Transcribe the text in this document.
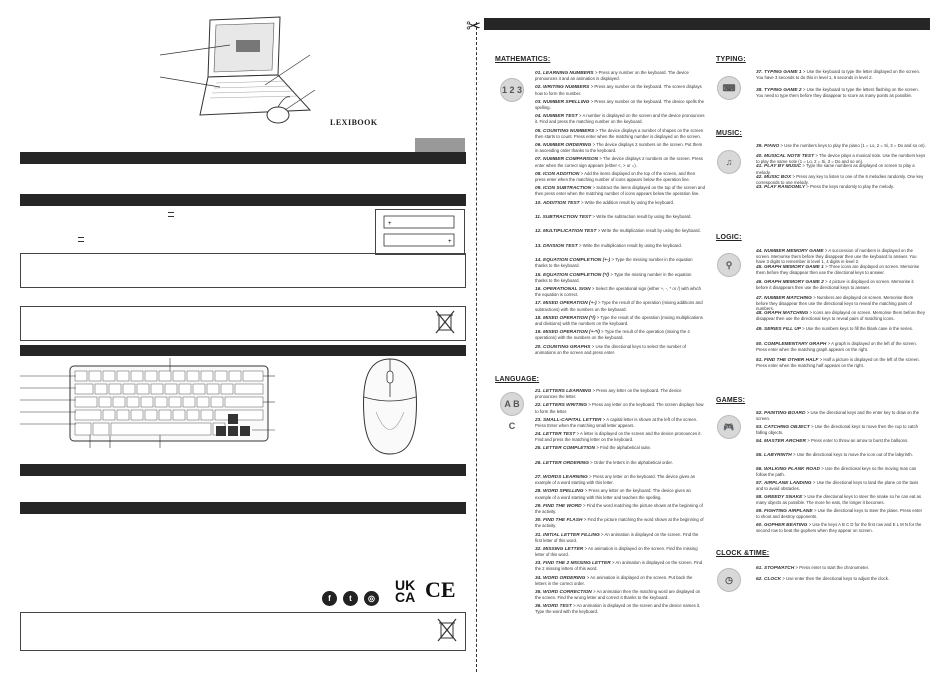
LEXIBOOK
+
+
f	t	◎
UK
CA CE
✂
MATHEMATICS:
1 2 3
01. LEARNING NUMBERS > Press any number on the keyboard. The device pronounces it and an animation is displayed.
02. WRITING NUMBERS > Press any number on the keyboard. The screen displays how to form the number.
03. NUMBER SPELLING > Press any number on the keyboard. The device spells the spelling.
04. NUMBER TEST > A number is displayed on the screen and the device pronounces it. Find and press the matching number on the keyboard.
05. COUNTING NUMBERS > The device displays a number of shapes on the screen then starts to count. Press enter when the matching number is displayed on the screen.
06. NUMBER ORDERING > The device displays 2 numbers on the screen. Put them in ascending order thanks to the keyboard.
07. NUMBER COMPARISON > The device displays 2 numbers on the screen. Press enter when the correct sign appears (either <, > or =).
08. ICON ADDITION > Add the items displayed on the top of the screen, and then press enter when the matching number of icons appears below the operation line.
09. ICON SUBTRACTION > Subtract the items displayed on the top of the screen and then press enter when the matching number of icons appears below the operation line.
10. ADDITION TEST > Write the addition result by using the keyboard.
11. SUBTRACTION TEST > Write the subtraction result by using the keyboard.
12. MULTIPLICATION TEST > Write the multiplication result by using the keyboard.
13. DIVISION TEST > Write the multiplication result by using the keyboard.
14. EQUATION COMPLETION (+-) > Type the missing number in the equation thanks to the keyboard.
15. EQUATION COMPLETION (*/) > Type the missing number in the equation thanks to the keyboard.
16. OPERATIONAL SIGN > Select the operational sign (either +, -, * or /) with which the equation is correct.
17. MIXED OPERATION (+-) > Type the result of the operation (mixing additions and subtractions) with the numbers on the keyboard.
18. MIXED OPERATION (*/) > Type the result of the operation (mixing multiplications and divisions) with the numbers on the keyboard.
19. MIXED OPERATION (+-*/) > Type the result of the operation (mixing the 4 operations) with the numbers on the keyboard.
20. COUNTING GRAPHS > Use the directional keys to select the number of animations on the screen and press enter.
LANGUAGE:
A B C
21. LETTERS LEARNING > Press any letter on the keyboard. The device pronounces the letter.
22. LETTERS WRITING > Press any letter on the keyboard. The screen displays how to form the letter.
23. SMALL-CAPITAL LETTER > A capital letter is shown at the left of the screen. Press Enter when the matching small letter appears.
24. LETTER TEST > A letter is displayed on the screen and the device pronounces it. Find and press the matching letter on the keyboard.
25. LETTER COMPLETION > Find the alphabetical suite.
26. LETTER ORDERING > Order the letters in the alphabetical order.
27. WORDS LEARNING > Press any letter on the keyboard. The device gives an example of a word starting with this letter.
28. WORD SPELLING > Press any letter on the keyboard. The device gives an example of a word starting with this letter and teaches the spelling.
29. FIND THE WORD > Find the word matching the picture shown at the beginning of the activity.
30. FIND THE FLASH > Find the picture matching the word shown at the beginning of the activity.
31. INITIAL LETTER FILLING > An animation is displayed on the screen. Find the first letter of this word.
32. MISSING LETTER > An animation is displayed on the screen. Find the missing letter of this word.
33. FIND THE 2 MISSING LETTER > An animation is displayed on the screen. Find the 2 missing letters of this word.
34. WORD ORDERING > An animation is displayed on the screen. Put back the letters in the correct order.
35. WORD CORRECTION > An animation then the matching word are displayed on the screen. Find the wrong letter and correct it thanks to the keyboard.
36. WORD TEST > An animation is displayed on the screen and the device names it. Type the word with the keyboard.
TYPING:
⌨
37. TYPING GAME 1 > Use the keyboard to type the letter displayed on the screen. You have 3 seconds to do this in level 1, 6 seconds in level 2.
38. TYPING GAME 2 > Use the keyboard to type the letters flashing on the screen. You need to type them before they disappear to score as many points as possible.
MUSIC:
♫
39. PIANO > Use the numbers keys to play the piano (1 = Lo, 2 = Si, 3 = Do and so on).
40. MUSICAL NOTE TEST > The device plays a musical note. Use the numbers keys to play the same note (1 = Lo, 2 = Si, 3 = Do and so on).
41. PLAY BY MUSIC > Type the same numbers as displayed on screen to play a melody.
42. MUSIC BOX > Press any key to listen to one of the 6 melodies randomly. One key corresponds to one melody.
43. PLAY RANDOMLY > Press the keys randomly to play the melody.
LOGIC:
⚲
44. NUMBER MEMORY GAME > A succession of numbers is displayed on the screen. Memorise them before they disappear then use the keyboard to answer. You have 3 digits to remember in level 1, 4 digits in level 2.
45. GRAPH MEMORY GAME 1 > Three icons are displayed on screen. Memorise them before they disappear then use the directional keys to answer.
46. GRAPH MEMORY GAME 2 > 4 picture is displayed on screen. Memorise it before it disappears then use the directional keys to answer.
47. NUMBER MATCHING > Numbers are displayed on screen. Memorise them before they disappear then use the directional keys to reveal the matching pairs of numbers.
48. GRAPH MATCHING > Icons are displayed on screen. Memorise them before they disappear then use the directional keys to reveal pairs of matching icons.
49. SERIES FILL UP > Use the numbers keys to fill the blank case in the series.
50. COMPLEMENTARY GRAPH > A graph is displayed on the left of the screen. Press enter when the matching graph appears on the right.
51. FIND THE OTHER HALF > Half a picture is displayed on the left of the screen. Press enter when the matching half appears on the right.
GAMES:
🎮
52. PAINTING BOARD > Use the directional keys and the enter key to draw on the screen.
53. CATCHING OBJECT > Use the directional keys to move then the cup to catch falling objects.
54. MASTER ARCHER > Press enter to throw an arrow to burst the balloons.
55. LABYRINTH > Use the directional keys to move the icon out of the labyrinth.
56. WALKING PLANK ROAD > Use the directional keys so the moving man can follow the path.
57. AIRPLANE LANDING > Use the directional keys to land the plane on the taxis and to avoid obstacles.
58. GREEDY SNAKE > Use the directional keys to steer the snake so he can eat as many objects as possible. The more he eats, the longer it becomes.
59. FIGHTING AIRPLANE > Use the directional keys to steer the plane. Press enter to shoot and destroy opponents.
60. GOPHER BEATING > Use the keys A B C D for the first row and E L M N for the second row to beat the gophers when they appear on screen.
CLOCK &TIME:
◷
61. STOPWATCH > Press enter to start the chronometer.
62. CLOCK > Use enter then the directional keys to adjust the clock.
